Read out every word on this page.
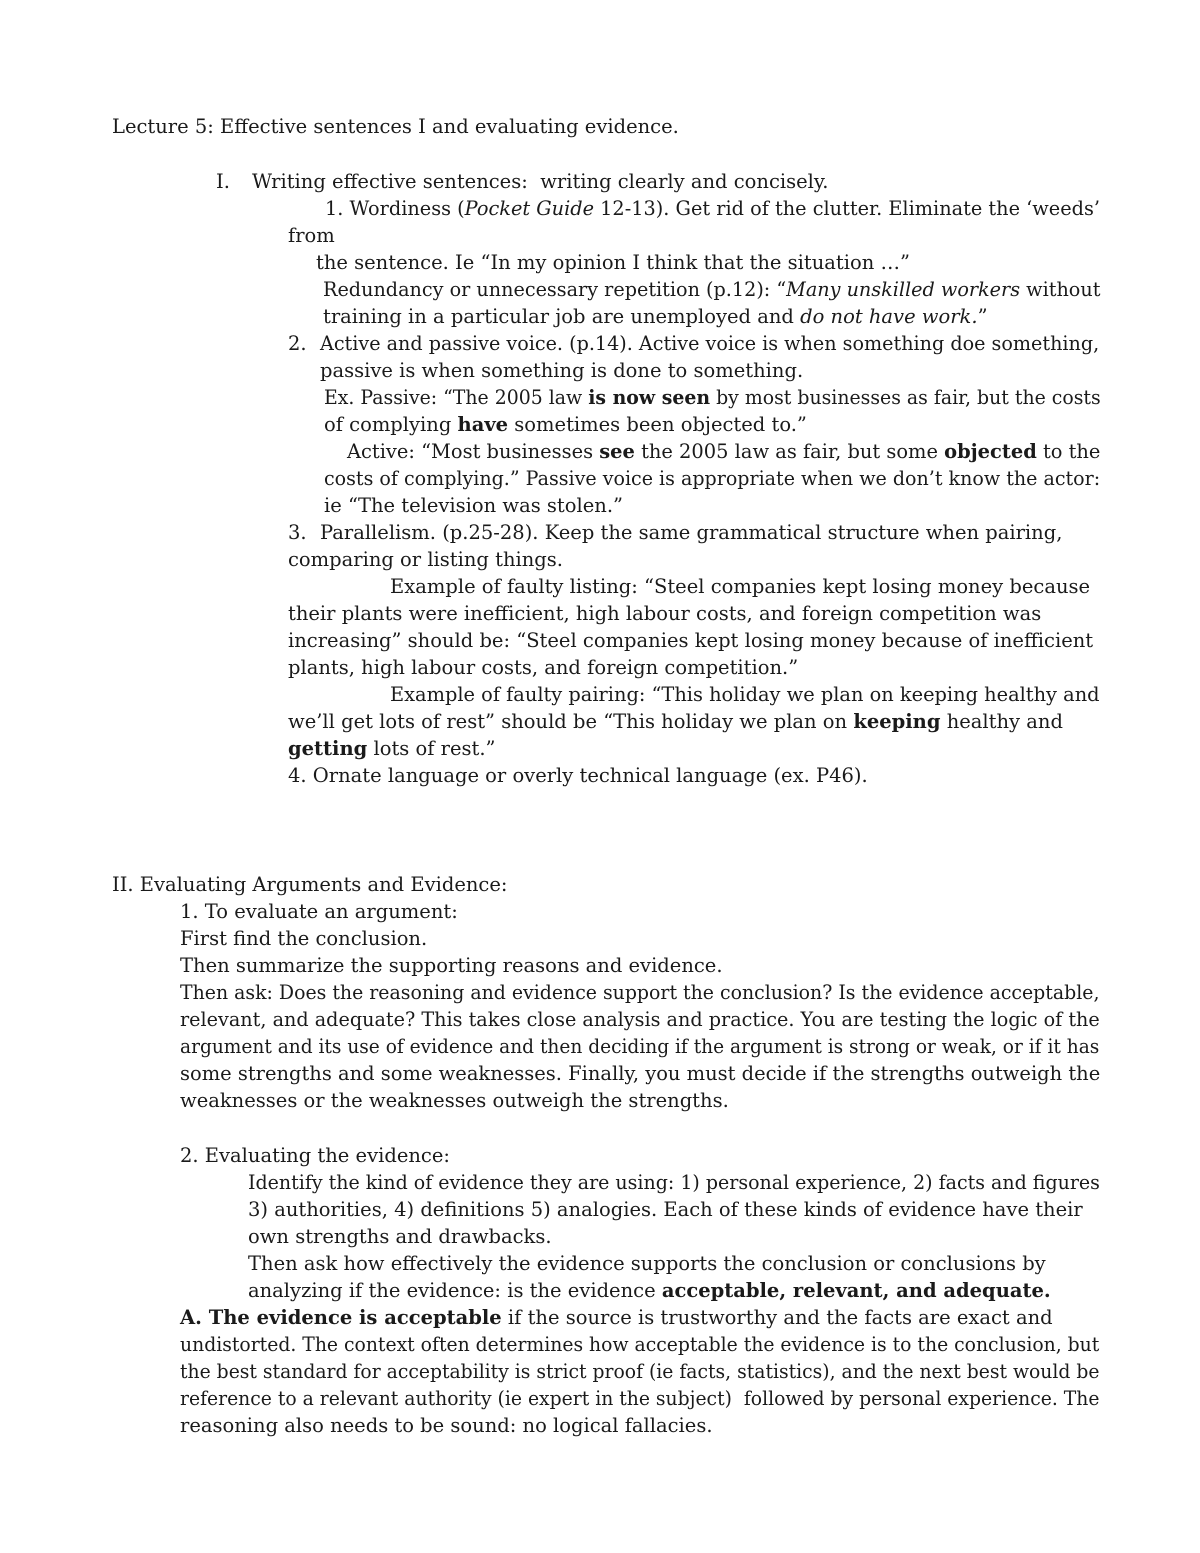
Lecture 5: Effective sentences I and evaluating evidence.
I. Writing effective sentences:  writing clearly and concisely.
1. Wordiness (Pocket Guide 12-13). Get rid of the clutter. Eliminate the ‘weeds’
from
the sentence. Ie “In my opinion I think that the situation …”
Redundancy or unnecessary repetition (p.12): “Many unskilled workers without
training in a particular job are unemployed and do not have work.”
2. Active and passive voice. (p.14). Active voice is when something doe something,
passive is when something is done to something.
Ex. Passive: “The 2005 law is now seen by most businesses as fair, but the costs
of complying have sometimes been objected to.”
Active: “Most businesses see the 2005 law as fair, but some objected to the
costs of complying.” Passive voice is appropriate when we don’t know the actor:
ie “The television was stolen.”
3. Parallelism. (p.25-28). Keep the same grammatical structure when pairing,
comparing or listing things.
Example of faulty listing: “Steel companies kept losing money because
their plants were inefficient, high labour costs, and foreign competition was
increasing” should be: “Steel companies kept losing money because of inefficient
plants, high labour costs, and foreign competition.”
Example of faulty pairing: “This holiday we plan on keeping healthy and
we’ll get lots of rest” should be “This holiday we plan on keeping healthy and
getting lots of rest.”
4. Ornate language or overly technical language (ex. P46).
II. Evaluating Arguments and Evidence:
1. To evaluate an argument:
First find the conclusion.
Then summarize the supporting reasons and evidence.
Then ask: Does the reasoning and evidence support the conclusion? Is the evidence acceptable,
relevant, and adequate? This takes close analysis and practice. You are testing the logic of the
argument and its use of evidence and then deciding if the argument is strong or weak, or if it has
some strengths and some weaknesses. Finally, you must decide if the strengths outweigh the
weaknesses or the weaknesses outweigh the strengths.
2. Evaluating the evidence:
Identify the kind of evidence they are using: 1) personal experience, 2) facts and figures
3) authorities, 4) definitions 5) analogies. Each of these kinds of evidence have their
own strengths and drawbacks.
Then ask how effectively the evidence supports the conclusion or conclusions by
analyzing if the evidence: is the evidence acceptable, relevant, and adequate.
A. The evidence is acceptable if the source is trustworthy and the facts are exact and
undistorted. The context often determines how acceptable the evidence is to the conclusion, but
the best standard for acceptability is strict proof (ie facts, statistics), and the next best would be
reference to a relevant authority (ie expert in the subject)  followed by personal experience. The
reasoning also needs to be sound: no logical fallacies.
